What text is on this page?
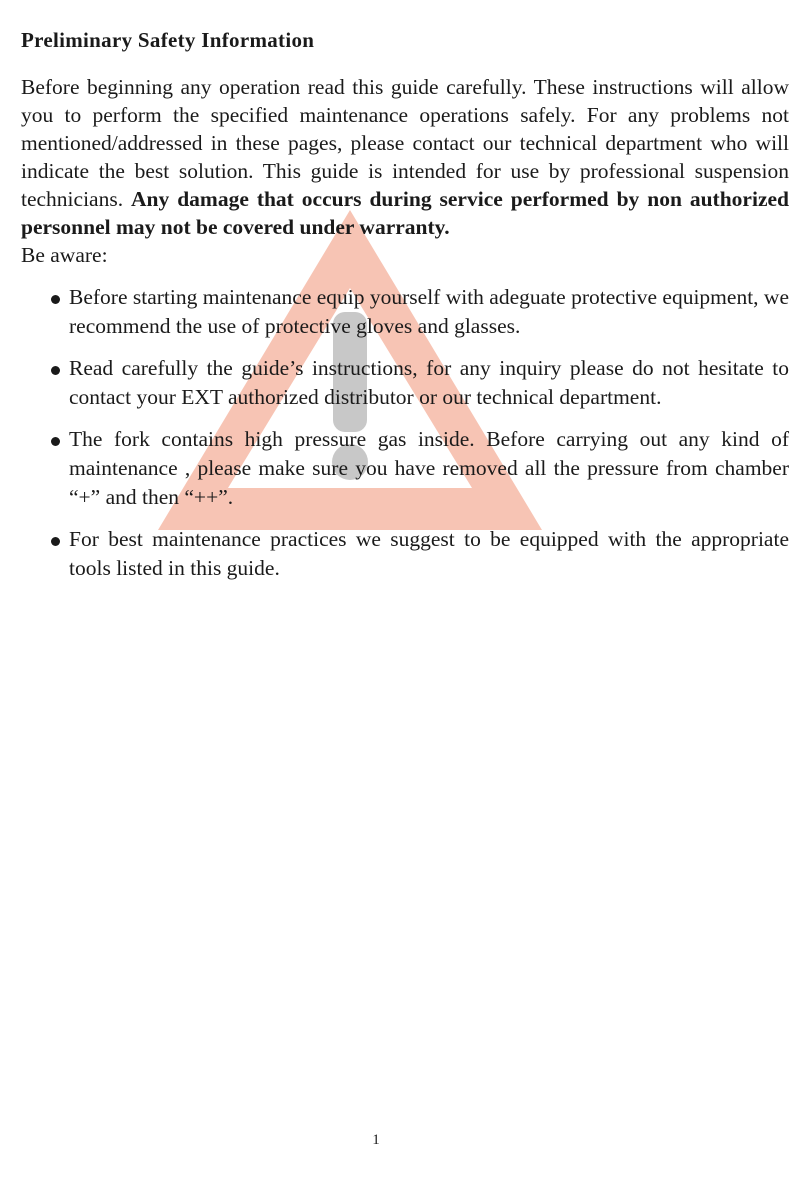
Preliminary Safety Information

Before beginning any operation read this guide carefully. These instructions will allow you to perform the specified maintenance operations safely. For any problems not mentioned/addressed in these pages, please contact our technical department who will indicate the best solution. This guide is intended for use by professional suspension technicians. Any damage that occurs during service performed by non authorized personnel may not be covered under warranty.

Be aware:

Before starting maintenance equip yourself with adeguate protective equipment, we recommend the use of protective gloves and glasses.
Read carefully the guide’s instructions, for any inquiry please do not hesitate to contact your EXT authorized distributor or our technical department.
The fork contains high pressure gas inside. Before carrying out any kind of maintenance , please make sure you have removed all the pressure from chamber “+” and then “++”.
For best maintenance practices we suggest to be equipped with the appropriate tools listed in this guide.
1
